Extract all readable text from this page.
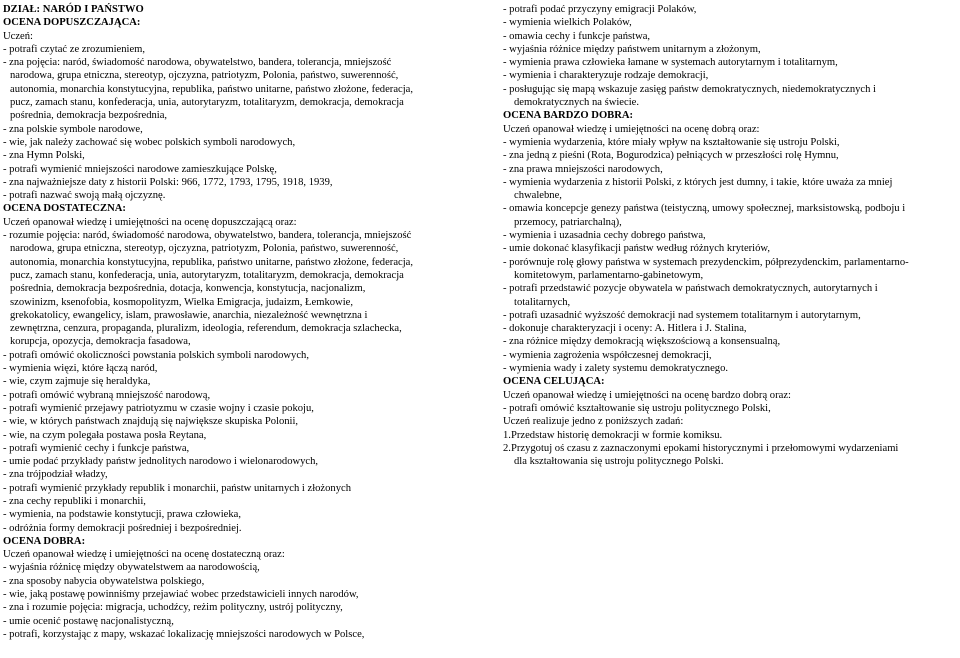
DZIAŁ: NARÓD I PAŃSTWO
OCENA DOPUSZCZAJĄCA:
Uczeń:
- potrafi czytać ze zrozumieniem,
- zna pojęcia: naród, świadomość narodowa, obywatelstwo, bandera, tolerancja, mniejszość
narodowa, grupa etniczna, stereotyp, ojczyzna, patriotyzm, Polonia, państwo, suwerenność,
autonomia, monarchia konstytucyjna, republika, państwo unitarne, państwo złożone, federacja,
pucz, zamach stanu, konfederacja, unia, autorytaryzm, totalitaryzm, demokracja, demokracja
pośrednia, demokracja bezpośrednia,
- zna polskie symbole narodowe,
- wie, jak należy zachować się wobec polskich symboli narodowych,
- zna Hymn Polski,
- potrafi wymienić mniejszości narodowe zamieszkujące Polskę,
- zna najważniejsze daty z historii Polski: 966, 1772, 1793, 1795, 1918, 1939,
- potrafi nazwać swoją małą ojczyznę.
OCENA DOSTATECZNA:
Uczeń opanował wiedzę i umiejętności na ocenę dopuszczającą oraz:
- rozumie pojęcia: naród, świadomość narodowa, obywatelstwo, bandera, tolerancja, mniejszość
narodowa, grupa etniczna, stereotyp, ojczyzna, patriotyzm, Polonia, państwo, suwerenność,
autonomia, monarchia konstytucyjna, republika, państwo unitarne, państwo złożone, federacja,
pucz, zamach stanu, konfederacja, unia, autorytaryzm, totalitaryzm, demokracja, demokracja
pośrednia, demokracja bezpośrednia, dotacja, konwencja, konstytucja, nacjonalizm,
szowinizm, ksenofobia, kosmopolityzm, Wielka Emigracja, judaizm, Łemkowie,
grekokatolicy, ewangelicy, islam, prawosławie, anarchia, niezależność wewnętrzna i
zewnętrzna, cenzura, propaganda, pluralizm, ideologia, referendum, demokracja szlachecka,
korupcja, opozycja, demokracja fasadowa,
- potrafi omówić okoliczności powstania polskich symboli narodowych,
- wymienia więzi, które łączą naród,
- wie, czym zajmuje się heraldyka,
- potrafi omówić wybraną mniejszość narodową,
- potrafi wymienić przejawy patriotyzmu w czasie wojny i czasie pokoju,
- wie, w których państwach znajdują się największe skupiska Polonii,
- wie, na czym polegała postawa posła Reytana,
- potrafi wymienić cechy i funkcje państwa,
- umie podać przykłady państw jednolitych narodowo i wielonarodowych,
- zna trójpodział władzy,
- potrafi wymienić przykłady republik i monarchii, państw unitarnych i złożonych
- zna cechy republiki i monarchii,
- wymienia, na podstawie konstytucji, prawa człowieka,
- odróżnia formy demokracji pośredniej i bezpośredniej.
OCENA DOBRA:
Uczeń opanował wiedzę i umiejętności na ocenę dostateczną oraz:
- wyjaśnia różnicę między obywatelstwem aa narodowością,
- zna sposoby nabycia obywatelstwa polskiego,
- wie, jaką postawę powinniśmy przejawiać wobec przedstawicieli innych narodów,
- zna i rozumie pojęcia: migracja, uchodźcy, reżim polityczny, ustrój polityczny,
- umie ocenić postawę nacjonalistyczną,
- potrafi, korzystając z mapy, wskazać lokalizację mniejszości narodowych w Polsce,
- potrafi podać przyczyny emigracji Polaków,
- wymienia wielkich Polaków,
- omawia cechy i funkcje państwa,
- wyjaśnia różnice między państwem unitarnym a złożonym,
- wymienia prawa człowieka łamane w systemach autorytarnym i totalitarnym,
- wymienia i charakteryzuje rodzaje demokracji,
- posługując się mapą wskazuje zasięg państw demokratycznych, niedemokratycznych i
demokratycznych na świecie.
OCENA BARDZO DOBRA:
Uczeń opanował wiedzę i umiejętności na ocenę dobrą oraz:
- wymienia wydarzenia, które miały wpływ na kształtowanie się ustroju Polski,
- zna jedną z pieśni (Rota, Bogurodzica) pełniących w przeszłości rolę Hymnu,
- zna prawa mniejszości narodowych,
- wymienia wydarzenia z historii Polski, z których jest dumny, i takie, które uważa za mniej
chwalebne,
- omawia koncepcje genezy państwa (teistyczną, umowy społecznej, marksistowską, podboju i
przemocy, patriarchalną),
- wymienia i uzasadnia cechy dobrego państwa,
- umie dokonać klasyfikacji państw według różnych kryteriów,
- porównuje rolę głowy państwa w systemach prezydenckim, półprezydenckim, parlamentarno-
komitetowym, parlamentarno-gabinetowym,
- potrafi przedstawić pozycje obywatela w państwach demokratycznych, autorytarnych i
totalitarnych,
- potrafi uzasadnić wyższość demokracji nad systemem totalitarnym i autorytarnym,
- dokonuje charakteryzacji i oceny: A. Hitlera i J. Stalina,
- zna różnice między demokracją większościową a konsensualną,
- wymienia zagrożenia współczesnej demokracji,
- wymienia wady i zalety systemu demokratycznego.
OCENA CELUJĄCA:
Uczeń opanował wiedzę i umiejętności na ocenę bardzo dobrą oraz:
- potrafi omówić kształtowanie się ustroju politycznego Polski,
Uczeń realizuje jedno z poniższych zadań:
1.Przedstaw historię demokracji w formie komiksu.
2.Przygotuj oś czasu z zaznaczonymi epokami historycznymi i przełomowymi wydarzeniami
dla kształtowania się ustroju politycznego Polski.
